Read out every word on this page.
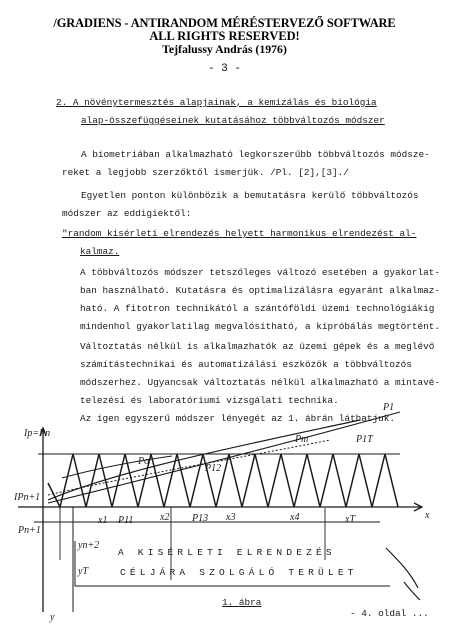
/GRADIENS - ANTIRANDOM MÉRÉSTERVEZŐ SOFTWARE
ALL RIGHTS RESERVED!
Tejfalussy András (1976)
- 3 -
2. A növénytermesztés alapjainak, a kemizálás és biológia
alap-összefüggéseinek kutatásához többváltozós módszer
A biometriában alkalmazható legkorszerűbb többváltozós módsze-
reket a legjobb szerzőktől ismerjük. /Pl. [2],[3]./
Egyetlen ponton különbözik a bemutatásra kerülő többváltozós
módszer az eddigiektől:
"random kisérleti elrendezés helyett harmonikus elrendezést al-
kalmaz.
A többváltozós módszer tetszőleges változó esetében a gyakorlat-
ban használható. Kutatásra és optimalizálásra egyaránt alkalmaz-
ható. A fitotron technikától a szántóföldi üzemi technológiákig
mindenhol gyakorlatilag megvalósítható, a kipróbálás megtörtént.
Változtatás nélkül is alkalmazhatók az üzemi gépek és a meglévő
számítástechnikai és automatizálási eszközök a többváltozós
módszerhez. Ugyancsak változtatás nélkül alkalmazható a mintavé-
telezési és laboratóriumi vizsgálati technika.
Az igen egyszerű módszer lényegét az 1. ábrán láthatjuk.
Ip=Pn
Pm
P1
P1T
Po
P12
IPn+1
Pn+1
x1 P11	P13
x2	x3	x4	xT	x
yn+2
yT
y
A KISÉRLETI ELRENDEZÉS
CÉLJÁRA SZOLGÁLÓ TERÜLET
1. ábra
- 4. oldal ...
